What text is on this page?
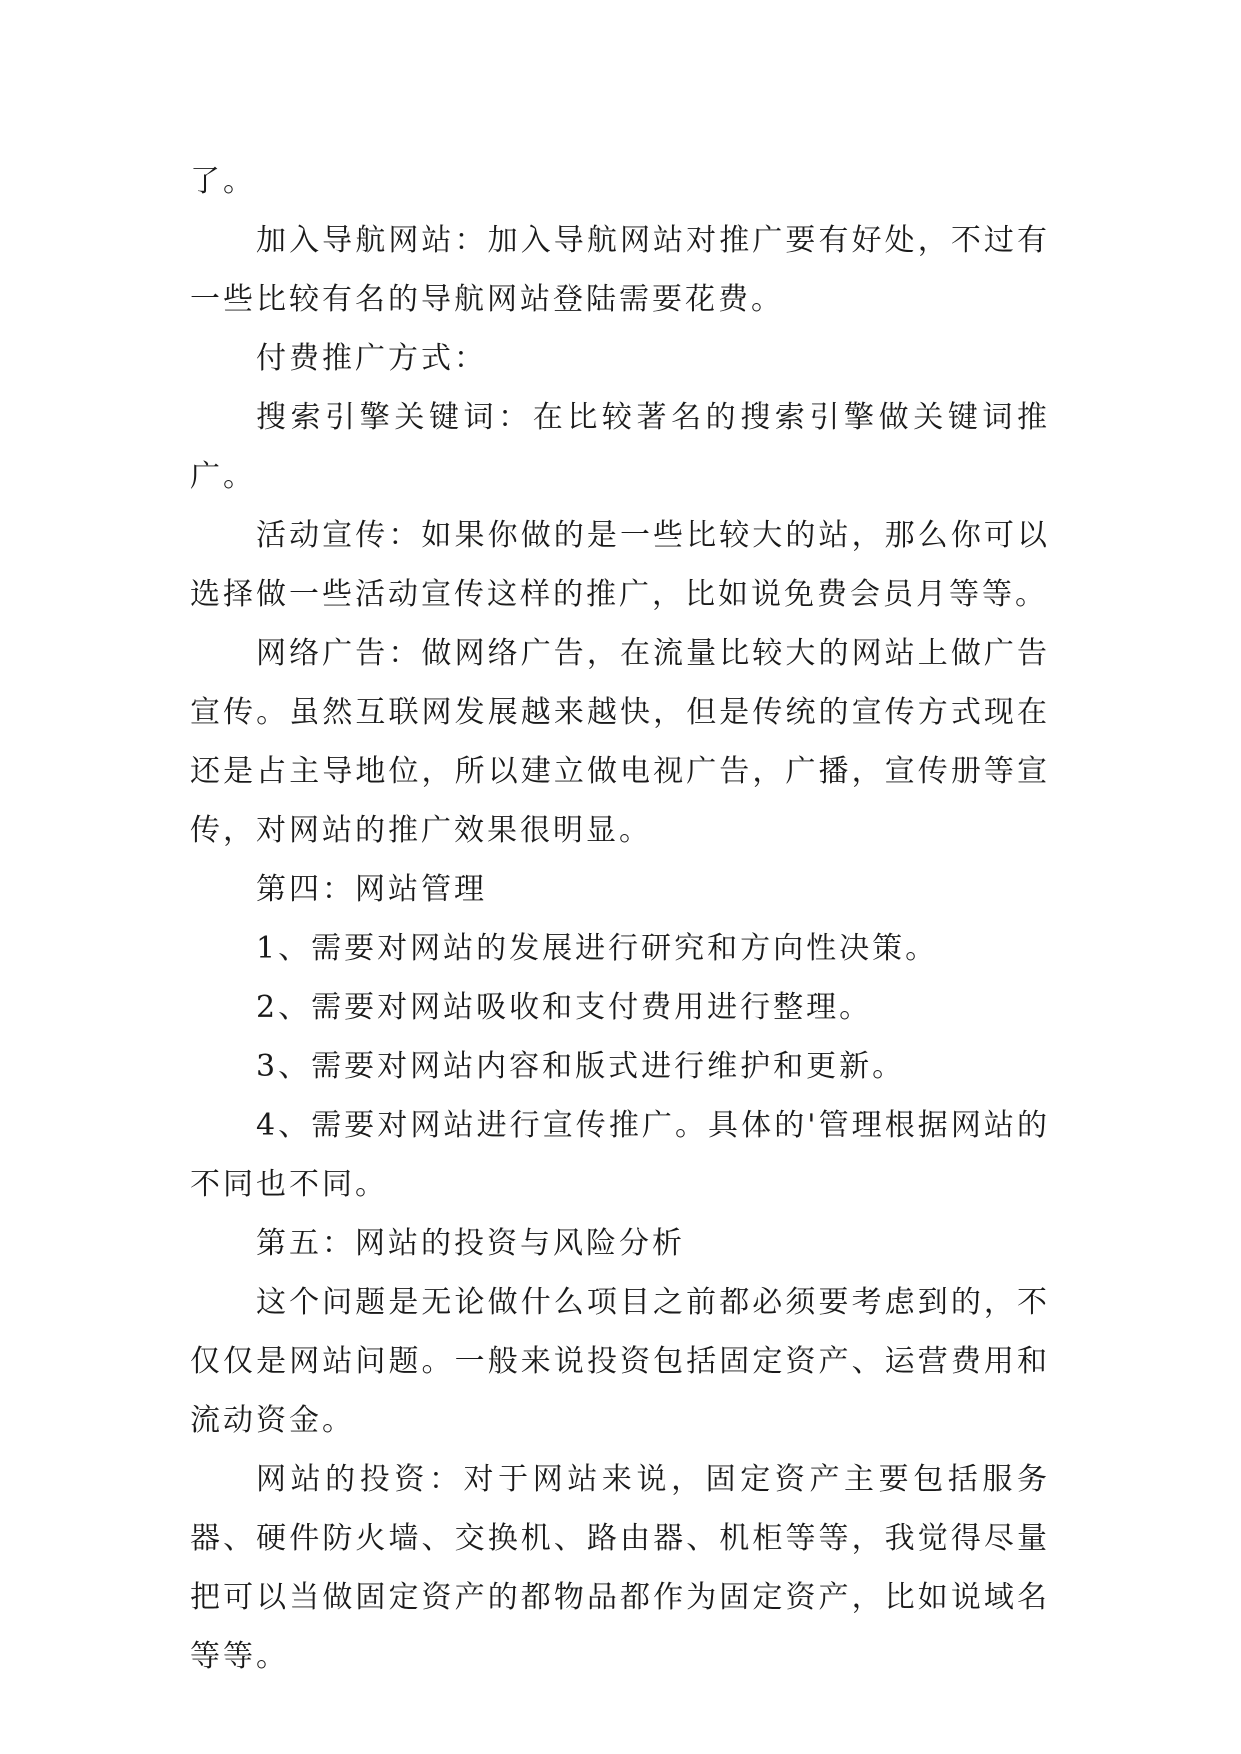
了。

加入导航网站：加入导航网站对推广要有好处，不过有一些比较有名的导航网站登陆需要花费。

付费推广方式：

搜索引擎关键词：在比较著名的搜索引擎做关键词推广。

活动宣传：如果你做的是一些比较大的站，那么你可以选择做一些活动宣传这样的推广，比如说免费会员月等等。

网络广告：做网络广告，在流量比较大的网站上做广告宣传。虽然互联网发展越来越快，但是传统的宣传方式现在还是占主导地位，所以建立做电视广告，广播，宣传册等宣传，对网站的推广效果很明显。

第四：网站管理

1、需要对网站的发展进行研究和方向性决策。

2、需要对网站吸收和支付费用进行整理。

3、需要对网站内容和版式进行维护和更新。

4、需要对网站进行宣传推广。具体的'管理根据网站的不同也不同。

第五：网站的投资与风险分析

这个问题是无论做什么项目之前都必须要考虑到的，不仅仅是网站问题。一般来说投资包括固定资产、运营费用和流动资金。

网站的投资：对于网站来说，固定资产主要包括服务器、硬件防火墙、交换机、路由器、机柜等等，我觉得尽量把可以当做固定资产的都物品都作为固定资产，比如说域名等等。
